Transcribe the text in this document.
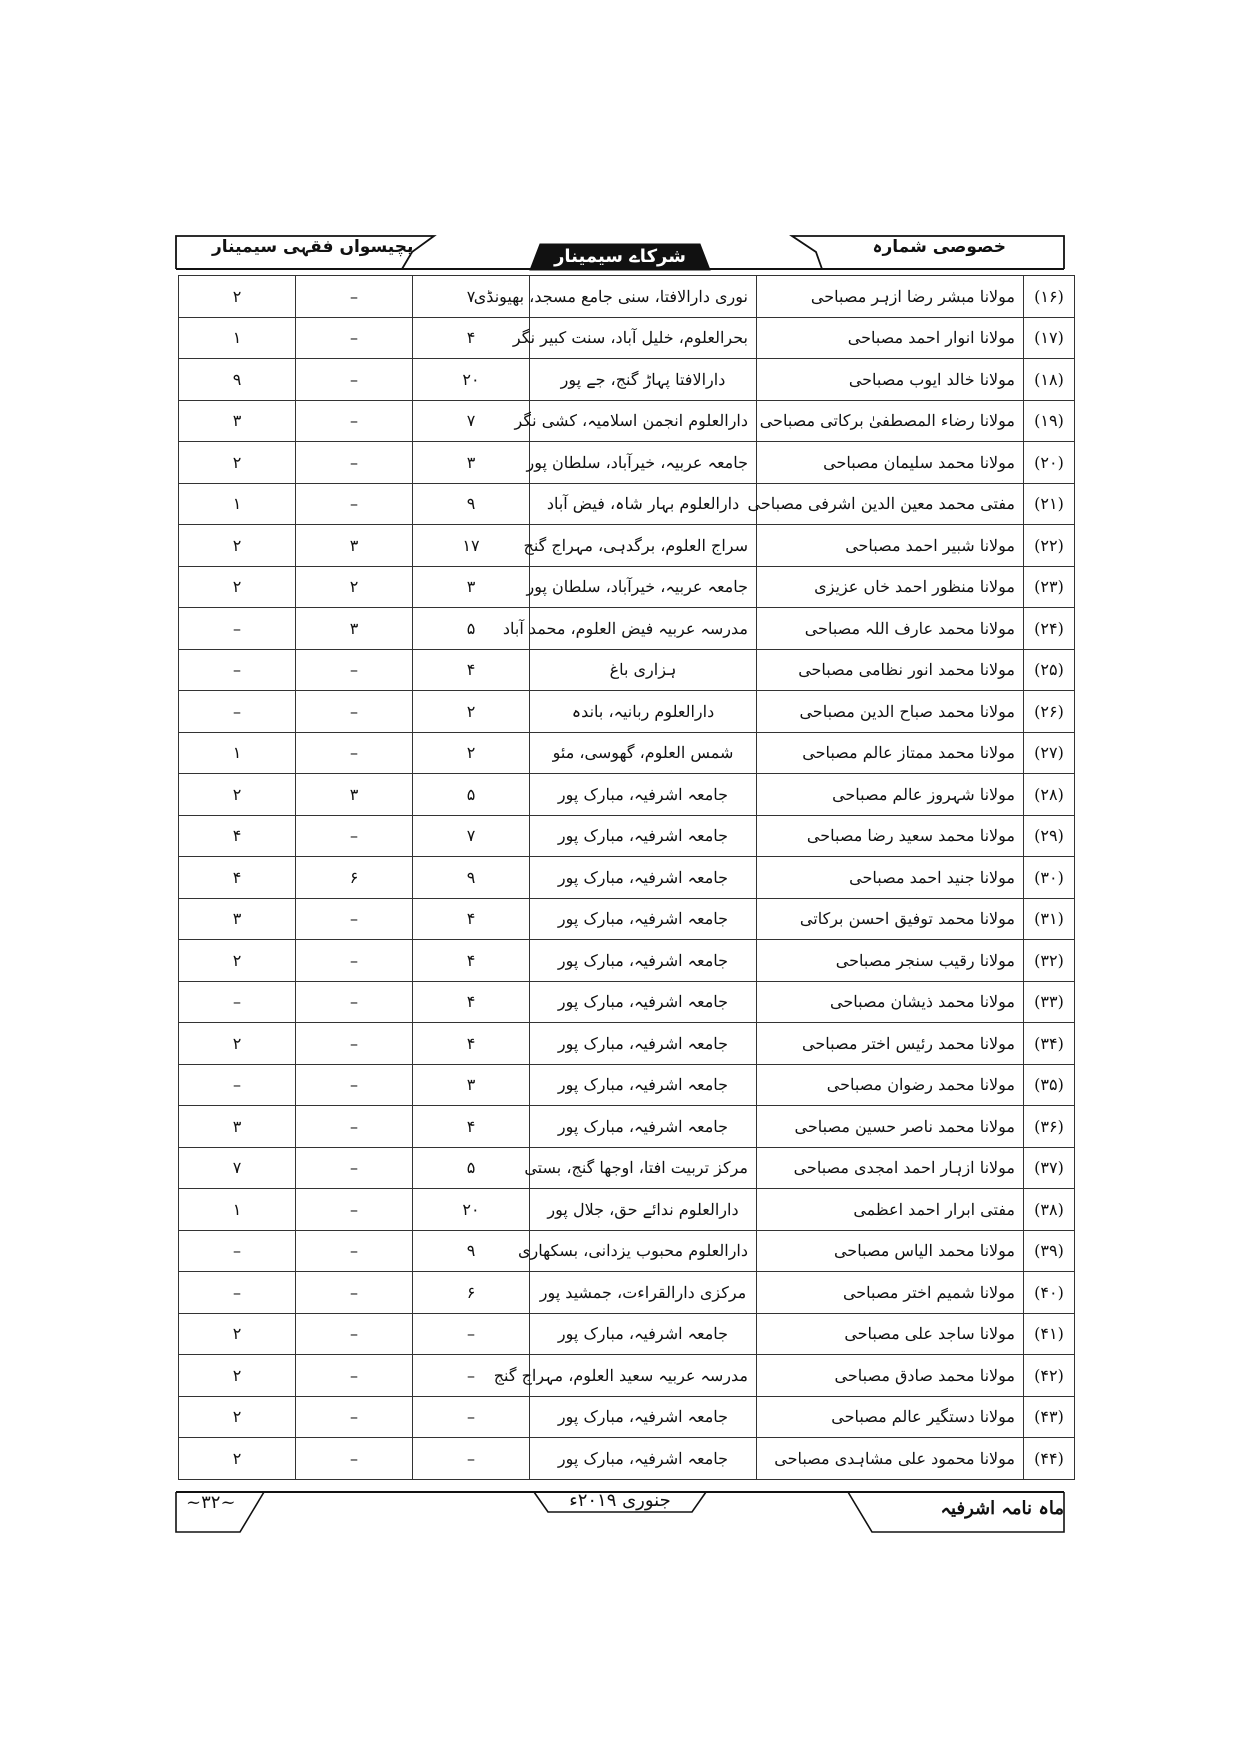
خصوصی شمارہ
شرکاے سیمینار
پچیسواں فقہی سیمینار
(۱۶)	مولانا مبشر رضا ازہر مصباحی	نوری دارالافتا، سنی جامع مسجد، بھیونڈی	۷	–	۲
(۱۷)	مولانا انوار احمد مصباحی	بحرالعلوم، خلیل آباد، سنت کبیر نگر	۴	–	۱
(۱۸)	مولانا خالد ایوب مصباحی	دارالافتا پہاڑ گنج، جے پور	۲۰	–	۹
(۱۹)	مولانا رضاء المصطفیٰ برکاتی مصباحی	دارالعلوم انجمن اسلامیہ، کشی نگر	۷	–	۳
(۲۰)	مولانا محمد سلیمان مصباحی	جامعہ عربیہ، خیرآباد، سلطان پور	۳	–	۲
(۲۱)	مفتی محمد معین الدین اشرفی مصباحی	دارالعلوم بہار شاہ، فیض آباد	۹	–	۱
(۲۲)	مولانا شبیر احمد مصباحی	سراج العلوم، برگدہی، مہراج گنج	۱۷	۳	۲
(۲۳)	مولانا منظور احمد خاں عزیزی	جامعہ عربیہ، خیرآباد، سلطان پور	۳	۲	۲
(۲۴)	مولانا محمد عارف اللہ مصباحی	مدرسہ عربیہ فیض العلوم، محمد آباد	۵	۳	–
(۲۵)	مولانا محمد انور نظامی مصباحی	ہزاری باغ	۴	–	–
(۲۶)	مولانا محمد صباح الدین مصباحی	دارالعلوم ربانیہ، باندہ	۲	–	–
(۲۷)	مولانا محمد ممتاز عالم مصباحی	شمس العلوم، گھوسی، مئو	۲	–	۱
(۲۸)	مولانا شہروز عالم مصباحی	جامعہ اشرفیہ، مبارک پور	۵	۳	۲
(۲۹)	مولانا محمد سعید رضا مصباحی	جامعہ اشرفیہ، مبارک پور	۷	–	۴
(۳۰)	مولانا جنید احمد مصباحی	جامعہ اشرفیہ، مبارک پور	۹	۶	۴
(۳۱)	مولانا محمد توفیق احسن برکاتی	جامعہ اشرفیہ، مبارک پور	۴	–	۳
(۳۲)	مولانا رقیب سنجر مصباحی	جامعہ اشرفیہ، مبارک پور	۴	–	۲
(۳۳)	مولانا محمد ذیشان مصباحی	جامعہ اشرفیہ، مبارک پور	۴	–	–
(۳۴)	مولانا محمد رئیس اختر مصباحی	جامعہ اشرفیہ، مبارک پور	۴	–	۲
(۳۵)	مولانا محمد رضوان مصباحی	جامعہ اشرفیہ، مبارک پور	۳	–	–
(۳۶)	مولانا محمد ناصر حسین مصباحی	جامعہ اشرفیہ، مبارک پور	۴	–	۳
(۳۷)	مولانا ازہار احمد امجدی مصباحی	مرکز تربیت افتا، اوجھا گنج، بستی	۵	–	۷
(۳۸)	مفتی ابرار احمد اعظمی	دارالعلوم ندائے حق، جلال پور	۲۰	–	۱
(۳۹)	مولانا محمد الیاس مصباحی	دارالعلوم محبوب یزدانی، بسکھاری	۹	–	–
(۴۰)	مولانا شمیم اختر مصباحی	مرکزی دارالقراءت، جمشید پور	۶	–	–
(۴۱)	مولانا ساجد علی مصباحی	جامعہ اشرفیہ، مبارک پور	–	–	۲
(۴۲)	مولانا محمد صادق مصباحی	مدرسہ عربیہ سعید العلوم، مہراج گنج	–	–	۲
(۴۳)	مولانا دستگیر عالم مصباحی	جامعہ اشرفیہ، مبارک پور	–	–	۲
(۴۴)	مولانا محمود علی مشاہدی مصباحی	جامعہ اشرفیہ، مبارک پور	–	–	۲
ماہ نامہ اشرفیہ
جنوری ۲۰۱۹ء
~۳۲~
